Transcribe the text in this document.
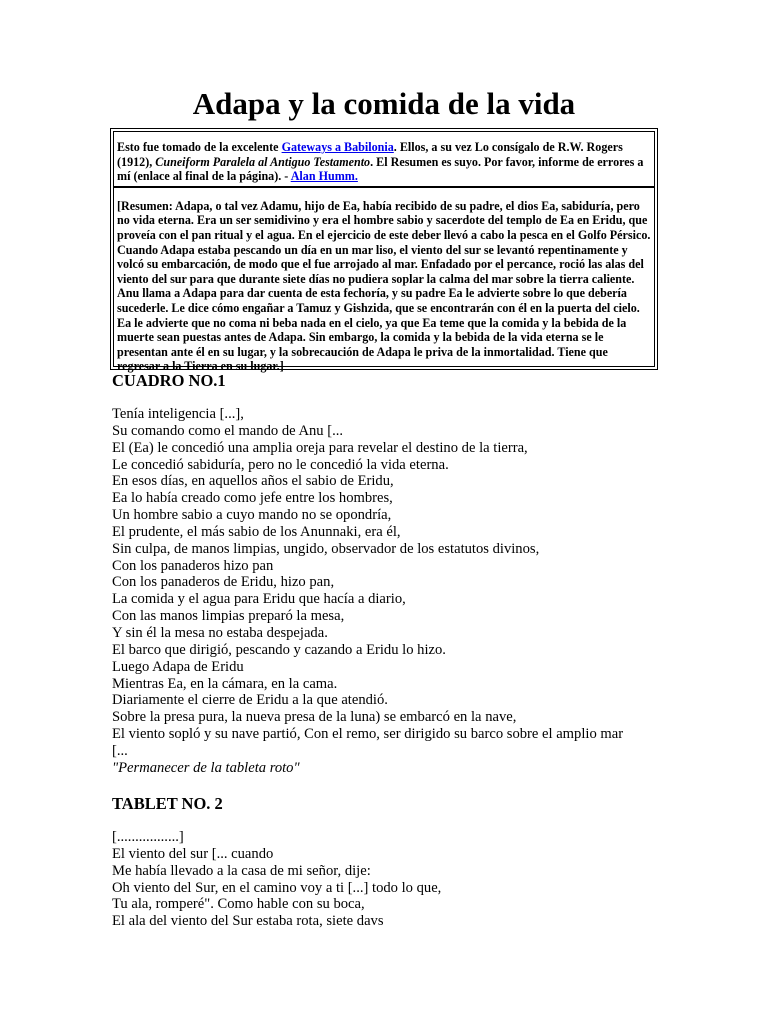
Adapa y la comida de la vida

Esto fue tomado de la excelente Gateways a Babilonia. Ellos, a su vez Lo consígalo de R.W. Rogers (1912), Cuneiform Paralela al Antiguo Testamento. El Resumen es suyo. Por favor, informe de errores a mí (enlace al final de la página). - Alan Humm.

[Resumen: Adapa, o tal vez Adamu, hijo de Ea, había recibido de su padre, el dios Ea, sabiduría, pero no vida eterna. Era un ser semidivino y era el hombre sabio y sacerdote del templo de Ea en Eridu, que proveía con el pan ritual y el agua. En el ejercicio de este deber llevó a cabo la pesca en el Golfo Pérsico. Cuando Adapa estaba pescando un día en un mar liso, el viento del sur se levantó repentinamente y volcó su embarcación, de modo que el fue arrojado al mar. Enfadado por el percance, roció las alas del viento del sur para que durante siete días no pudiera soplar la calma del mar sobre la tierra caliente. Anu llama a Adapa para dar cuenta de esta fechoría, y su padre Ea le advierte sobre lo que debería sucederle. Le dice cómo engañar a Tamuz y Gishzida, que se encontrarán con él en la puerta del cielo. Ea le advierte que no coma ni beba nada en el cielo, ya que Ea teme que la comida y la bebida de la muerte sean puestas antes de Adapa. Sin embargo, la comida y la bebida de la vida eterna se le presentan ante él en su lugar, y la sobrecaución de Adapa le priva de la inmortalidad. Tiene que regresar a la Tierra en su lugar.]

CUADRO NO.1
Tenía inteligencia [...],
Su comando como el mando de Anu [...
El (Ea) le concedió una amplia oreja para revelar el destino de la tierra,
Le concedió sabiduría, pero no le concedió la vida eterna.
En esos días, en aquellos años el sabio de Eridu,
Ea lo había creado como jefe entre los hombres,
Un hombre sabio a cuyo mando no se opondría,
El prudente, el más sabio de los Anunnaki, era él,
Sin culpa, de manos limpias, ungido, observador de los estatutos divinos,
Con los panaderos hizo pan
Con los panaderos de Eridu, hizo pan,
La comida y el agua para Eridu que hacía a diario,
Con las manos limpias preparó la mesa,
Y sin él la mesa no estaba despejada.
El barco que dirigió, pescando y cazando a Eridu lo hizo.
Luego Adapa de Eridu
Mientras Ea, en la cámara, en la cama.
Diariamente el cierre de Eridu a la que atendió.
Sobre la presa pura, la nueva presa de la luna) se embarcó en la nave,
El viento sopló y su nave partió, Con el remo, ser dirigido su barco sobre el amplio mar
[...
"Permanecer de la tableta roto"
TABLET NO. 2
[.................]
El viento del sur [... cuando
Me había llevado a la casa de mi señor, dije:
Oh viento del Sur, en el camino voy a ti [...] todo lo que,
Tu ala, romperé". Como hable con su boca,
El ala del viento del Sur estaba rota, siete davs
